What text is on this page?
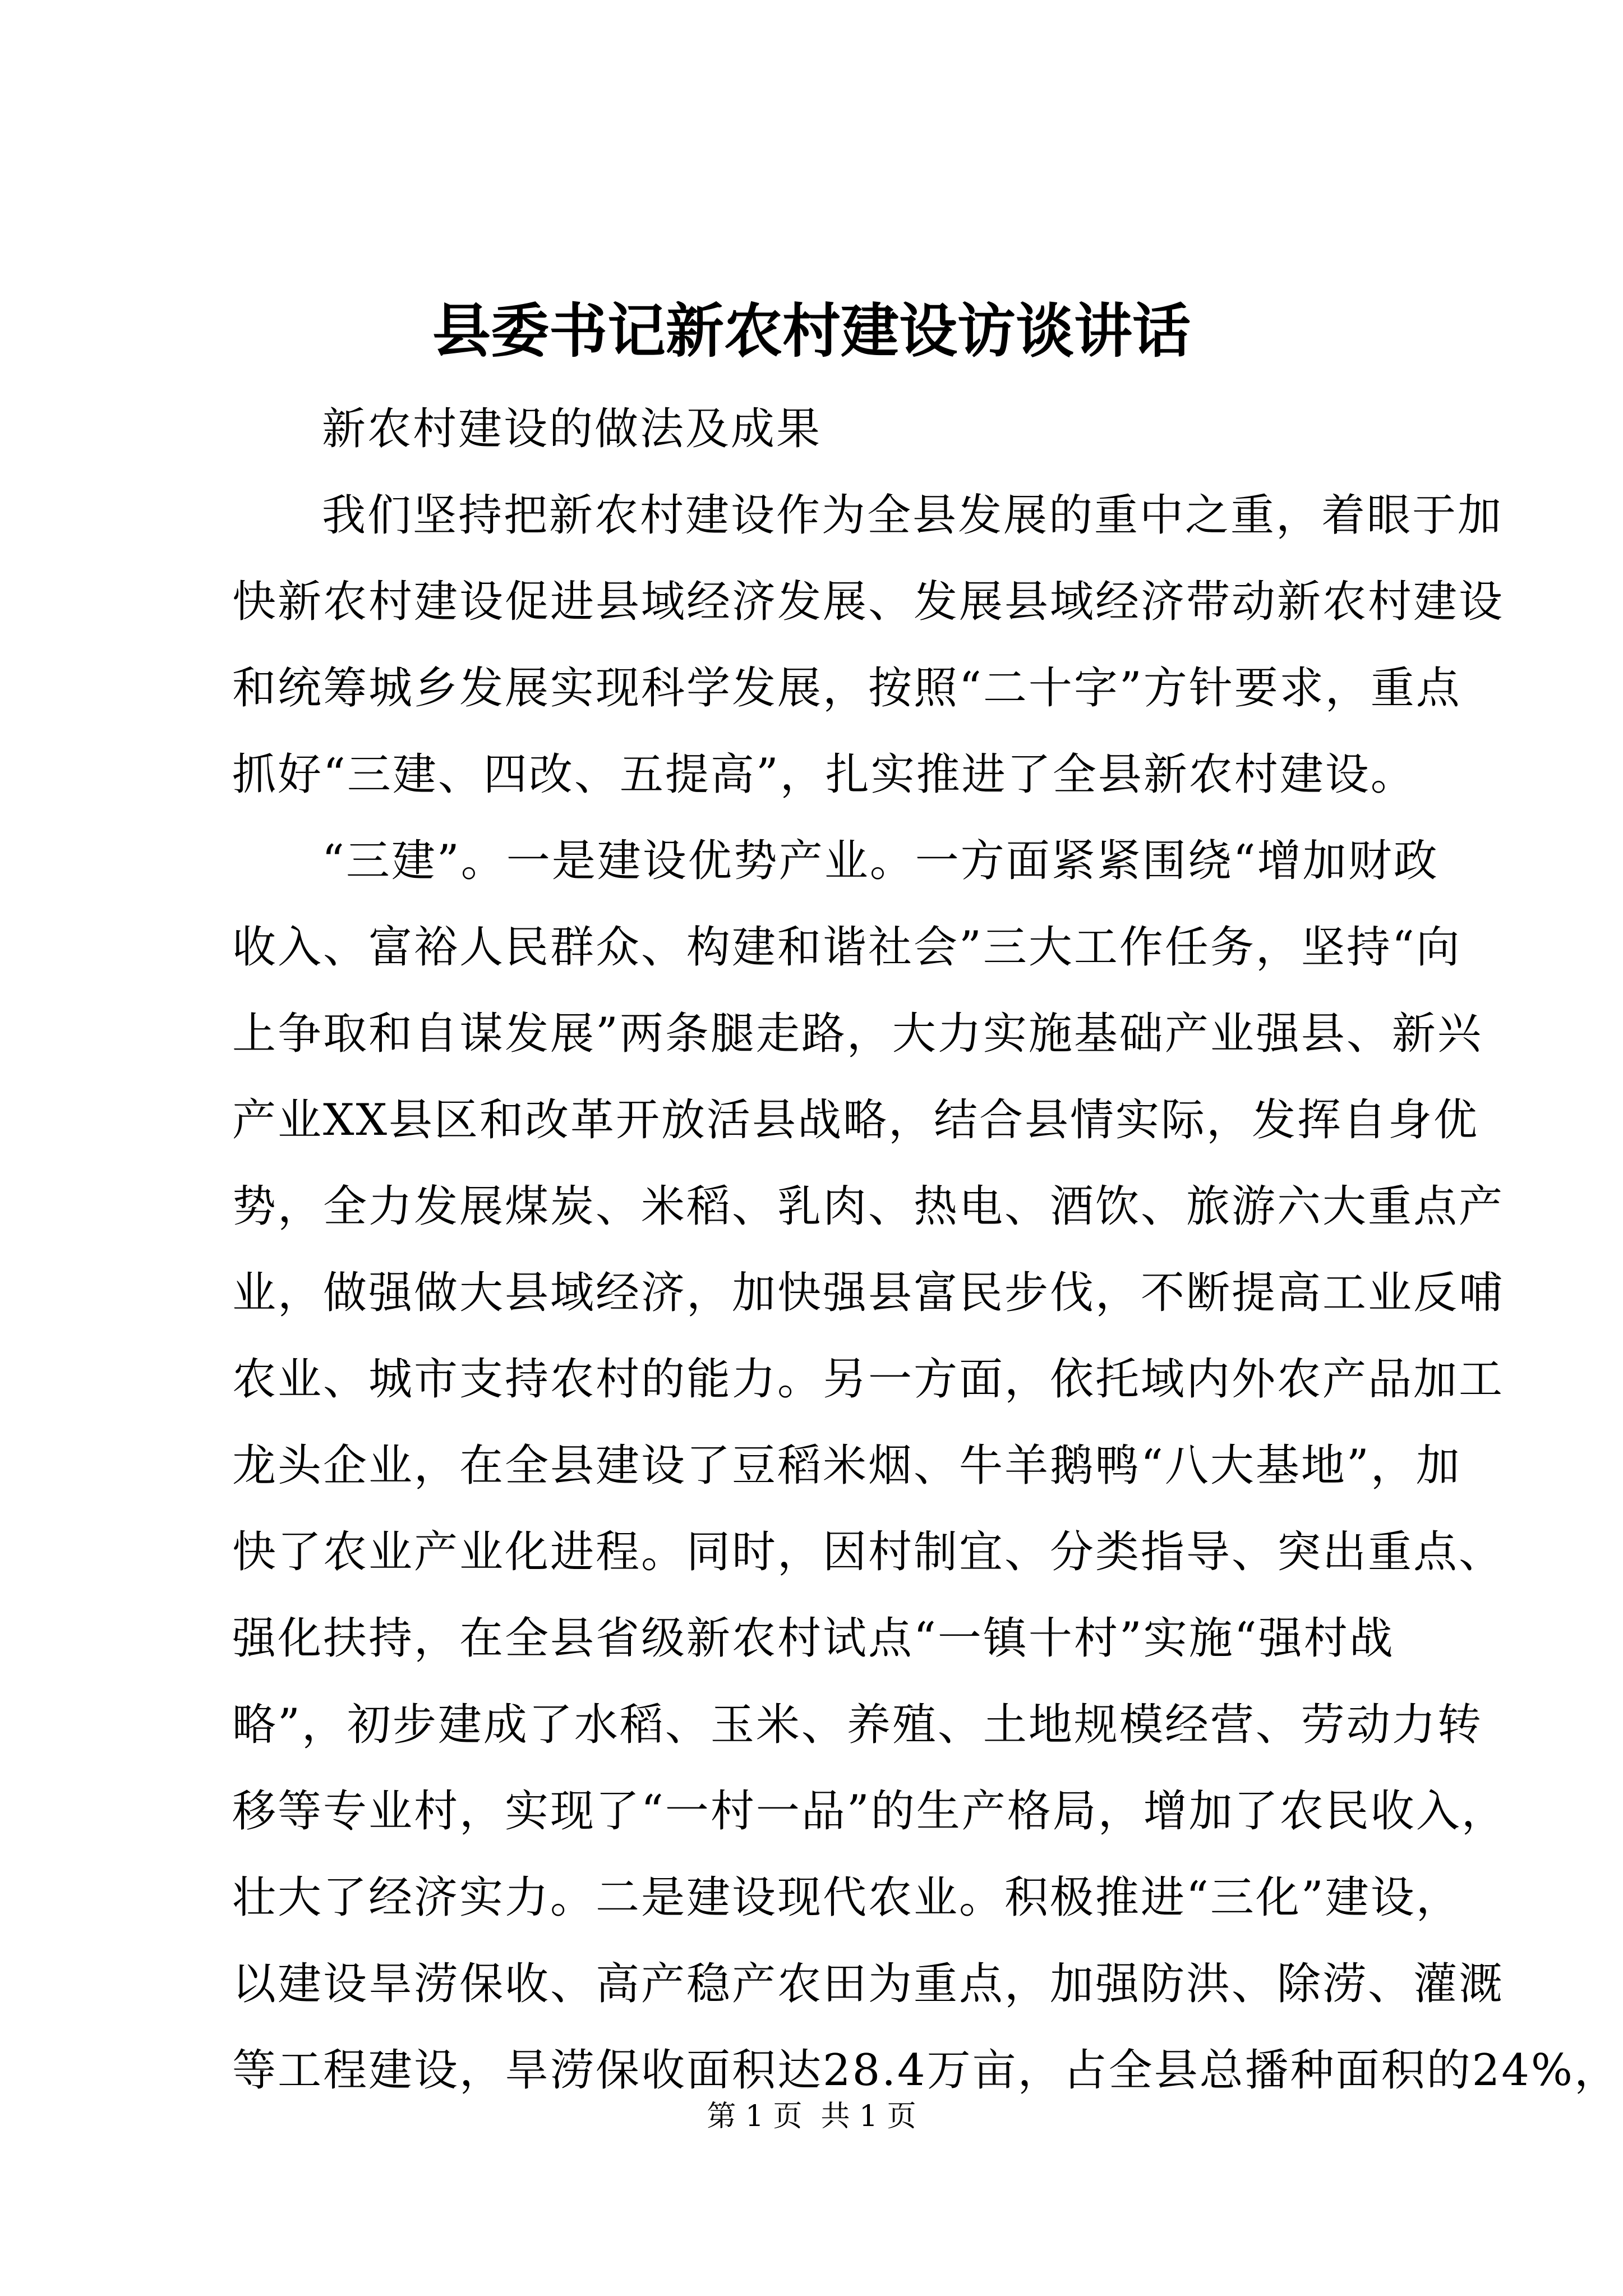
县委书记新农村建设访谈讲话
新农村建设的做法及成果
我们坚持把新农村建设作为全县发展的重中之重，着眼于加
快新农村建设促进县域经济发展、发展县域经济带动新农村建设
和统筹城乡发展实现科学发展，按照“二十字”方针要求，重点
抓好“三建、四改、五提高”，扎实推进了全县新农村建设。
“三建”。一是建设优势产业。一方面紧紧围绕“增加财政
收入、富裕人民群众、构建和谐社会”三大工作任务，坚持“向
上争取和自谋发展”两条腿走路，大力实施基础产业强县、新兴
产业XX县区和改革开放活县战略，结合县情实际，发挥自身优
势，全力发展煤炭、米稻、乳肉、热电、酒饮、旅游六大重点产
业，做强做大县域经济，加快强县富民步伐，不断提高工业反哺
农业、城市支持农村的能力。另一方面，依托域内外农产品加工
龙头企业，在全县建设了豆稻米烟、牛羊鹅鸭“八大基地”，加
快了农业产业化进程。同时，因村制宜、分类指导、突出重点、
强化扶持，在全县省级新农村试点“一镇十村”实施“强村战
略”，初步建成了水稻、玉米、养殖、土地规模经营、劳动力转
移等专业村，实现了“一村一品”的生产格局，增加了农民收入，
壮大了经济实力。二是建设现代农业。积极推进“三化”建设，
以建设旱涝保收、高产稳产农田为重点，加强防洪、除涝、灌溉
等工程建设，旱涝保收面积达28.4万亩，占全县总播种面积的24%，
第 1 页  共 1 页
